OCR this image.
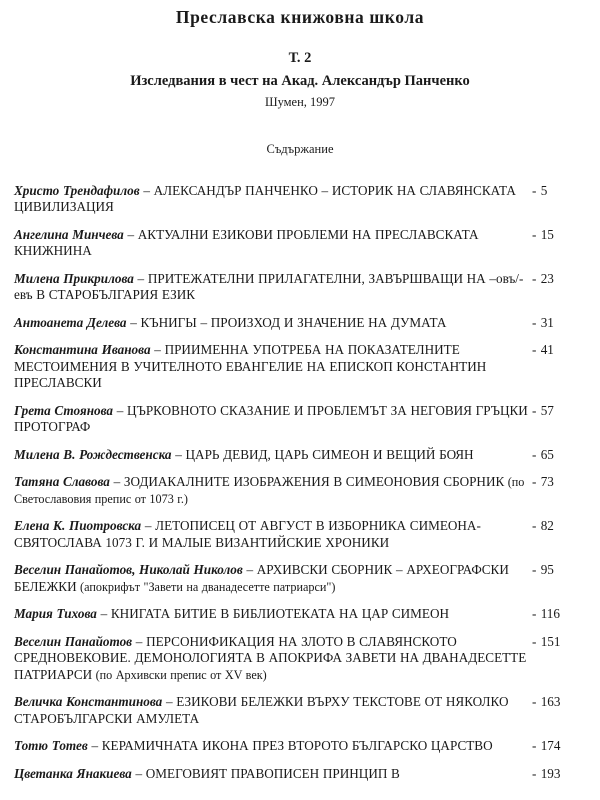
Преславска книжовна школа
Т. 2
Изследвания в чест на Акад. Александър Панченко
Шумен, 1997
Съдържание
Христо Трендафилов – АЛЕКСАНДЪР ПАНЧЕНКО – ИСТОРИК НА СЛАВЯНСКАТА ЦИВИЛИЗАЦИЯ
- 5
Ангелина Минчева – АКТУАЛНИ ЕЗИКОВИ ПРОБЛЕМИ НА ПРЕСЛАВСКАТА КНИЖНИНА
- 15
Милена Прикрилова – ПРИТЕЖАТЕЛНИ ПРИЛАГАТЕЛНИ, ЗАВЪРШВАЩИ НА –овъ/-евъ В СТАРОБЪЛГАРИЯ ЕЗИК
- 23
Антоанета Делева – КЪНИГЫ – ПРОИЗХОД И ЗНАЧЕНИЕ НА ДУМАТА	- 31
Константина Иванова – ПРИИМЕННА УПОТРЕБА НА ПОКАЗАТЕЛНИТЕ МЕСТОИМЕНИЯ В УЧИТЕЛНОТО ЕВАНГЕЛИЕ НА ЕПИСКОП КОНСТАНТИН ПРЕСЛАВСКИ
- 41
Грета Стоянова – ЦЪРКОВНОТО СКАЗАНИЕ И ПРОБЛЕМЪТ ЗА НЕГОВИЯ ГРЪЦКИ ПРОТОГРАФ
- 57
Милена В. Рождественска – ЦАРЬ ДЕВИД, ЦАРЬ СИМЕОН И ВЕЩИЙ БОЯН	- 65
Татяна Славова – ЗОДИАКАЛНИТЕ ИЗОБРАЖЕНИЯ В СИМЕОНОВИЯ СБОРНИК (по Светославовия препис от 1073 г.)
- 73
Елена К. Пиотровска – ЛЕТОПИСЕЦ ОТ АВГУСТ В ИЗБОРНИКА СИМЕОНА-СВЯТОСЛАВА 1073 Г. И МАЛЫЕ ВИЗАНТИЙСКИЕ ХРОНИКИ
- 82
Веселин Панайотов, Николай Николов – АРХИВСКИ СБОРНИК – АРХЕОГРАФСКИ БЕЛЕЖКИ (апокрифът "Завети на дванадесетте патриарси")
- 95
Мария Тихова – КНИГАТА БИТИЕ В БИБЛИОТЕКАТА НА ЦАР СИМЕОН	- 116
Веселин Панайотов – ПЕРСОНИФИКАЦИЯ НА ЗЛОТО В СЛАВЯНСКОТО СРЕДНОВЕКОВИЕ. ДЕМОНОЛОГИЯТА В АПОКРИФА ЗАВЕТИ НА ДВАНАДЕСЕТТЕ ПАТРИАРСИ (по Архивски препис от XV век)
- 151
Величка Константинова – ЕЗИКОВИ БЕЛЕЖКИ ВЪРХУ ТЕКСТОВЕ ОТ НЯКОЛКО СТАРОБЪЛГАРСКИ АМУЛЕТА
- 163
Тотю Тотев – КЕРАМИЧНАТА ИКОНА ПРЕЗ ВТОРОТО БЪЛГАРСКО ЦАРСТВО	- 174
Цветанка Янакиева – ОМЕГОВИЯТ ПРАВОПИСЕН ПРИНЦИП В	- 193
